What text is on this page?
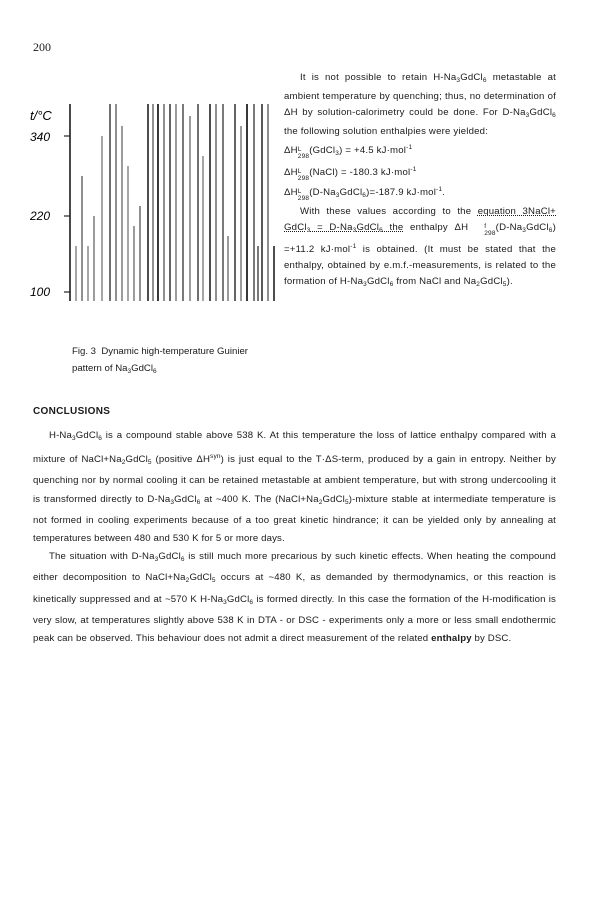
200
t/°C
340
220
100

Fig. 3 Dynamic high-temperature Guinier pattern of $Na_3GdCl_6$

It is not possible to retain $H-Na_3GdCl_6$ metastable at ambient temperature by quenching; thus, no determination of ΔH by solution-calorimetry could be done. For $D-Na_3GdCl_6$ the following solution enthalpies were yielded:

ΔH L
298
(GdCl$_3$) = +4.5 kJ·mol$^{-1}$

ΔH L
298
(NaCl) = -180.3 kJ·mol$^{-1}$

ΔH L
298
$(D-Na_3GdCl_6)=-187.9$ kJ·mol$^{-1}$.

With these values according to the equation 3NaCl+ GdCl$_3$ = $D-Na_3GdCl_6$ the enthalpy ΔH	f
298
$(D-Na_3GdCl_6) =+11.2$ kJ·mol$^{-1}$ is obtained. (It must be stated that the enthalpy, obtained by e.m.f.-measurements, is related to the formation of $H-Na_3GdCl_6$ from NaCl and $Na_2GdCl_5$).

CONCLUSIONS

$H-Na_3GdCl_6$ is a compound stable above 538 K. At this temperature the loss of lattice enthalpy compared with a mixture of $NaCl+Na_2GdCl_5$ (positive $\Delta H^{syn}$) is just equal to the T·ΔS-term, produced by a gain in entropy. Neither by quenching nor by normal cooling it can be retained metastable at ambient temperature, but with strong undercooling it is transformed directly to $D-Na_3GdCl_6$ at ~400 K. The $(NaCl+Na_2GdCl_5)$-mixture stable at intermediate temperature is not formed in cooling experiments because of a too great kinetic hindrance; it can be yielded only by annealing at temperatures between 480 and 530 K for 5 or more days.

The situation with $D-Na_3GdCl_6$ is still much more precarious by such kinetic effects. When heating the compound either decomposition to $NaCl+Na_2GdCl_5$ occurs at ~480 K, as demanded by thermodynamics, or this reaction is kinetically suppressed and at ~570 K $H-Na_3GdCl_6$ is formed directly. In this case the formation of the H-modification is very slow, at temperatures slightly above 538 K in DTA - or DSC - experiments only a more or less small endothermic peak can be observed. This behaviour does not admit a direct measurement of the related enthalpy by DSC.
